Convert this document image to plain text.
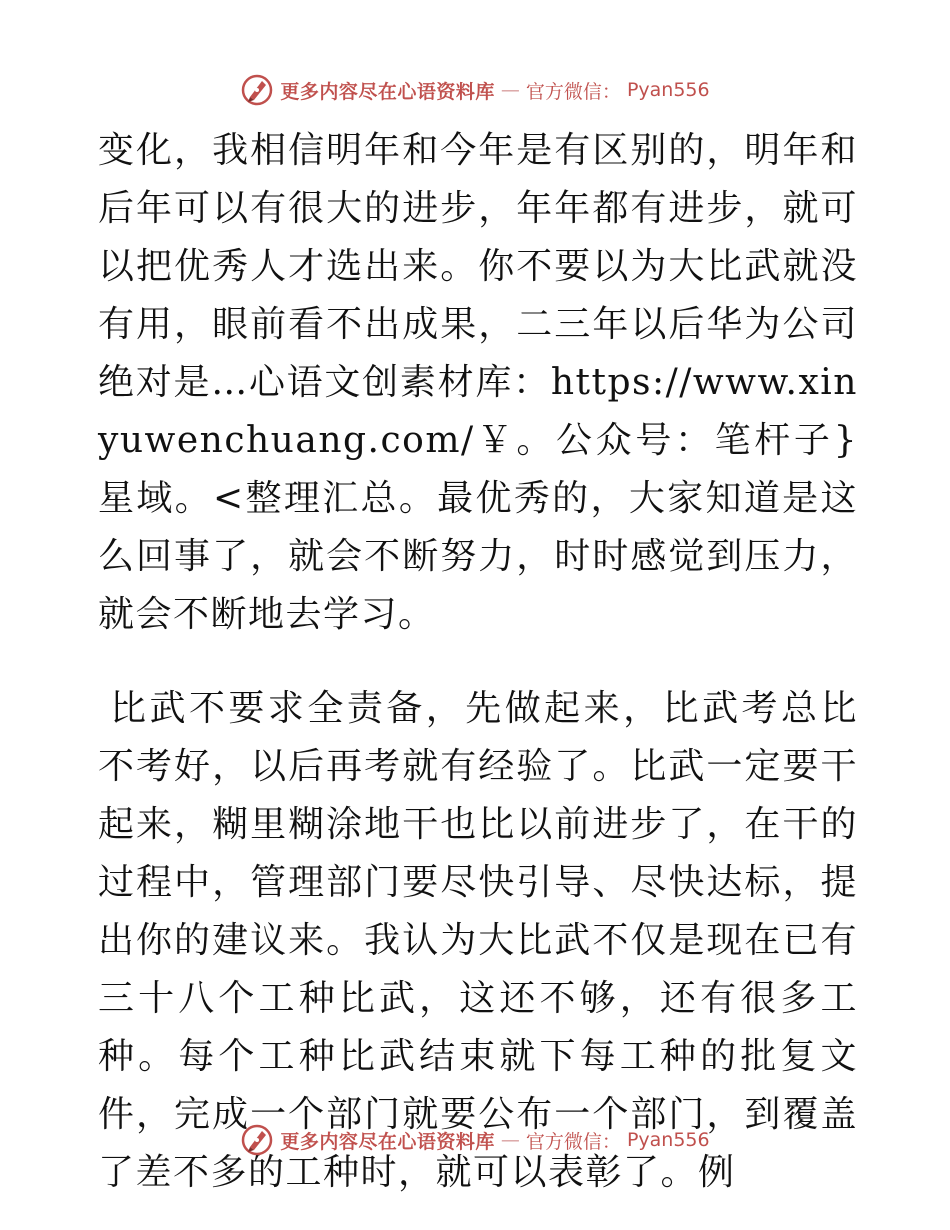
更多内容尽在心语资料库 — 官方微信： Pyan556

变化，我相信明年和今年是有区别的，明年和后年可以有很大的进步，年年都有进步，就可以把优秀人才选出来。你不要以为大比武就没有用，眼前看不出成果，二三年以后华为公司绝对是…心语文创素材库：https://www.xinyuwenchuang.com/￥。公众号：笔杆子}星域。<整理汇总。最优秀的，大家知道是这么回事了，就会不断努力，时时感觉到压力，就会不断地去学习。

比武不要求全责备，先做起来，比武考总比不考好，以后再考就有经验了。比武一定要干起来，糊里糊涂地干也比以前进步了，在干的过程中，管理部门要尽快引导、尽快达标，提出你的建议来。我认为大比武不仅是现在已有三十八个工种比武，这还不够，还有很多工种。每个工种比武结束就下每工种的批复文件，完成一个部门就要公布一个部门，到覆盖了差不多的工种时，就可以表彰了。例

更多内容尽在心语资料库 — 官方微信： Pyan556
